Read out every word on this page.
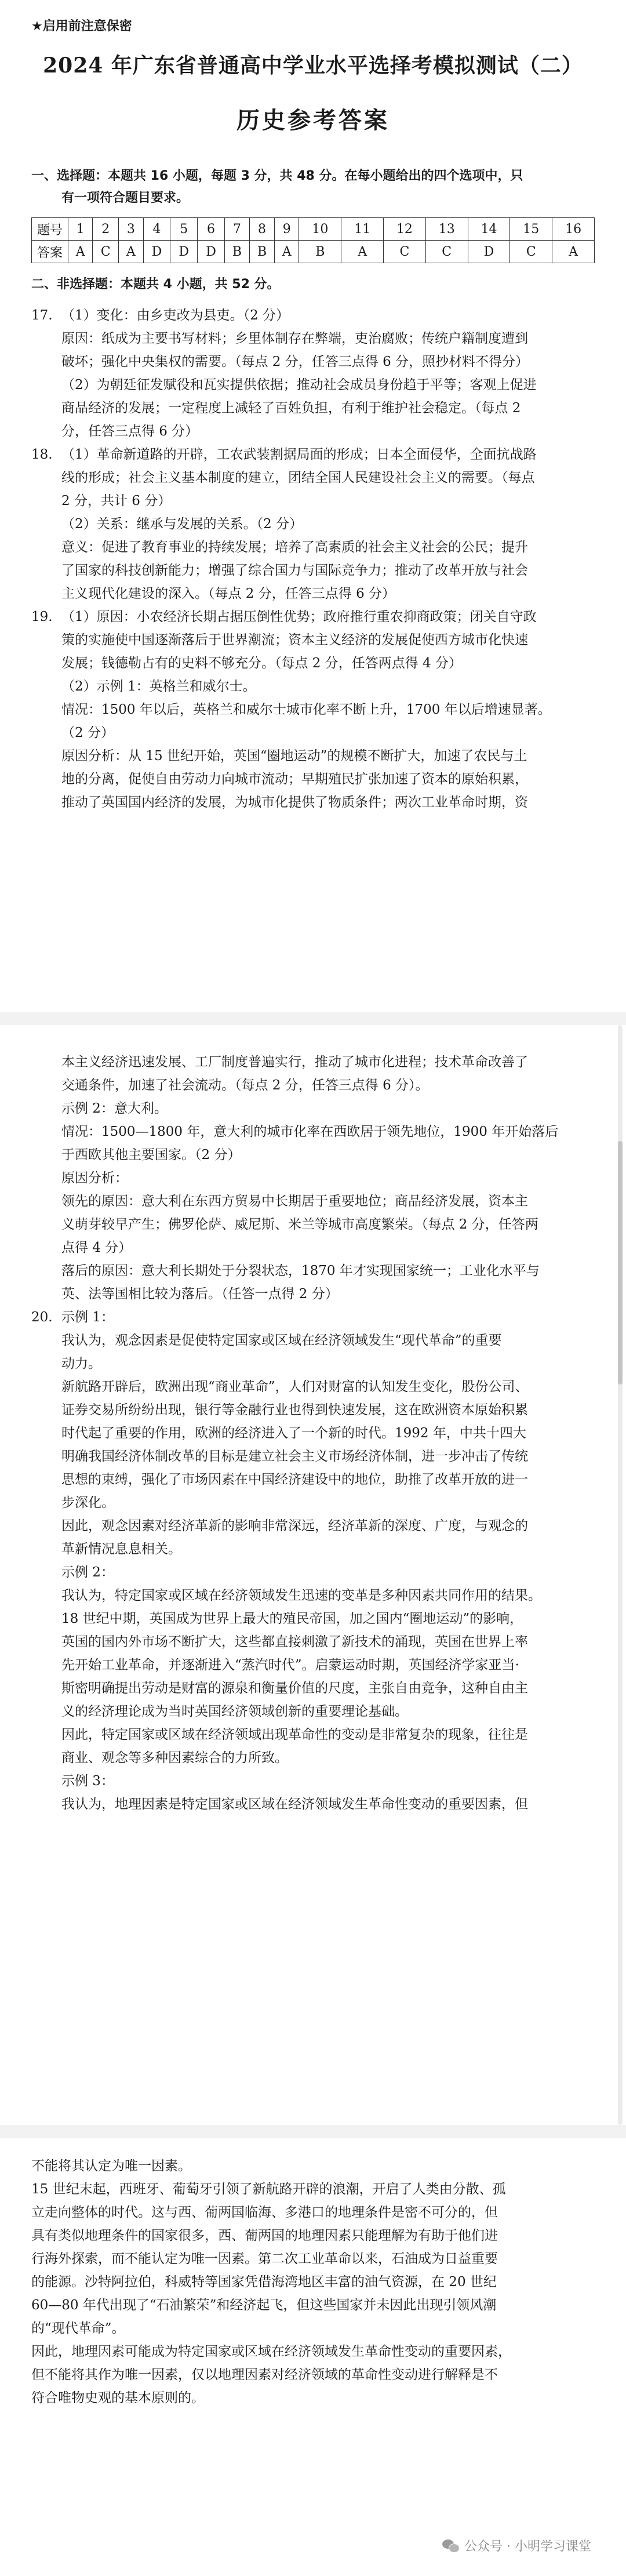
★启用前注意保密
2024 年广东省普通高中学业水平选择考模拟测试（二）
历史参考答案
一、选择题：本题共 16 小题，每题 3 分，共 48 分。在每小题给出的四个选项中，只
有一项符合题目要求。
题号	1	2	3	4	5	6	7	8	9	10	11	12	13	14	15	16
答案	A	C	A	D	D	D	B	B	A	B	A	C	C	D	C	A
二、非选择题：本题共 4 小题，共 52 分。
17. （1）变化：由乡吏改为县吏。（2 分）

原因：纸成为主要书写材料；乡里体制存在弊端，吏治腐败；传统户籍制度遭到

破坏；强化中央集权的需要。（每点 2 分，任答三点得 6 分，照抄材料不得分）

（2）为朝廷征发赋役和瓦实提供依据；推动社会成员身份趋于平等；客观上促进

商品经济的发展；一定程度上减轻了百姓负担，有利于维护社会稳定。（每点 2

分，任答三点得 6 分）

18. （1）革命新道路的开辟，工农武装割据局面的形成；日本全面侵华，全面抗战路

线的形成；社会主义基本制度的建立，团结全国人民建设社会主义的需要。（每点

2 分，共计 6 分）

（2）关系：继承与发展的关系。（2 分）

意义：促进了教育事业的持续发展；培养了高素质的社会主义社会的公民；提升

了国家的科技创新能力；增强了综合国力与国际竞争力；推动了改革开放与社会

主义现代化建设的深入。（每点 2 分，任答三点得 6 分）

19. （1）原因：小农经济长期占据压倒性优势；政府推行重农抑商政策；闭关自守政

策的实施使中国逐渐落后于世界潮流；资本主义经济的发展促使西方城市化快速

发展；钱德勒占有的史料不够充分。（每点 2 分，任答两点得 4 分）

（2）示例 1：英格兰和威尔士。

情况：1500 年以后，英格兰和威尔士城市化率不断上升，1700 年以后增速显著。

（2 分）

原因分析：从 15 世纪开始，英国“圈地运动”的规模不断扩大，加速了农民与土

地的分离，促使自由劳动力向城市流动；早期殖民扩张加速了资本的原始积累，

推动了英国国内经济的发展，为城市化提供了物质条件；两次工业革命时期，资

本主义经济迅速发展、工厂制度普遍实行，推动了城市化进程；技术革命改善了

交通条件，加速了社会流动。（每点 2 分，任答三点得 6 分）。

示例 2：意大利。

情况：1500—1800 年，意大利的城市化率在西欧居于领先地位，1900 年开始落后

于西欧其他主要国家。（2 分）

原因分析：

领先的原因：意大利在东西方贸易中长期居于重要地位；商品经济发展，资本主

义萌芽较早产生；佛罗伦萨、威尼斯、米兰等城市高度繁荣。（每点 2 分，任答两

点得 4 分）

落后的原因：意大利长期处于分裂状态，1870 年才实现国家统一；工业化水平与

英、法等国相比较为落后。（任答一点得 2 分）

20. 示例 1：

我认为，观念因素是促使特定国家或区域在经济领域发生“现代革命”的重要

动力。

新航路开辟后，欧洲出现“商业革命”，人们对财富的认知发生变化，股份公司、

证券交易所纷纷出现，银行等金融行业也得到快速发展，这在欧洲资本原始积累

时代起了重要的作用，欧洲的经济进入了一个新的时代。1992 年，中共十四大

明确我国经济体制改革的目标是建立社会主义市场经济体制，进一步冲击了传统

思想的束缚，强化了市场因素在中国经济建设中的地位，助推了改革开放的进一

步深化。

因此，观念因素对经济革新的影响非常深远，经济革新的深度、广度，与观念的

革新情况息息相关。

示例 2：

我认为，特定国家或区域在经济领域发生迅速的变革是多种因素共同作用的结果。

18 世纪中期，英国成为世界上最大的殖民帝国，加之国内“圈地运动”的影响，

英国的国内外市场不断扩大，这些都直接刺激了新技术的涌现，英国在世界上率

先开始工业革命，并逐渐进入“蒸汽时代”。启蒙运动时期，英国经济学家亚当·

斯密明确提出劳动是财富的源泉和衡量价值的尺度，主张自由竞争，这种自由主

义的经济理论成为当时英国经济领域创新的重要理论基础。

因此，特定国家或区域在经济领域出现革命性的变动是非常复杂的现象，往往是

商业、观念等多种因素综合的力所致。

示例 3：

我认为，地理因素是特定国家或区域在经济领域发生革命性变动的重要因素，但

不能将其认定为唯一因素。

15 世纪末起，西班牙、葡萄牙引领了新航路开辟的浪潮，开启了人类由分散、孤

立走向整体的时代。这与西、葡两国临海、多港口的地理条件是密不可分的，但

具有类似地理条件的国家很多，西、葡两国的地理因素只能理解为有助于他们进

行海外探索，而不能认定为唯一因素。第二次工业革命以来，石油成为日益重要

的能源。沙特阿拉伯，科威特等国家凭借海湾地区丰富的油气资源，在 20 世纪

60—80 年代出现了“石油繁荣”和经济起飞，但这些国家并未因此出现引领风潮

的“现代革命”。

因此，地理因素可能成为特定国家或区域在经济领域发生革命性变动的重要因素，

但不能将其作为唯一因素，仅以地理因素对经济领域的革命性变动进行解释是不

符合唯物史观的基本原则的。

公众号 · 小明学习课堂
